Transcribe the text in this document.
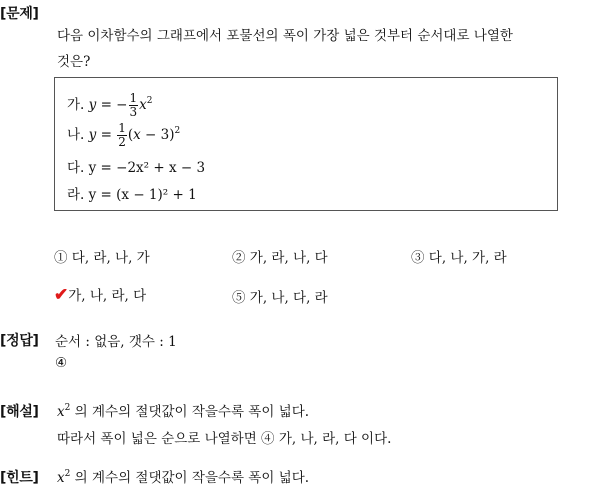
[문제]
다음 이차함수의 그래프에서 포물선의 폭이 가장 넓은 것부터 순서대로 나열한
것은?
가. y = − $\frac{1}{3} x^2$
나. $y = \frac{1}{2} (x - 3)^2$
다. y = −2x² + x − 3
라. y = (x − 1)² + 1
① 다, 라, 나, 가	② 가, 라, 나, 다	③ 다, 나, 가, 라
✔가, 나, 라, 다	⑤ 가, 나, 다, 라
[정답] 순서 : 없음, 갯수 : 1
④
[해설] $x^2$ 의 계수의 절댓값이 작을수록 폭이 넓다.
따라서 폭이 넓은 순으로 나열하면 ④ 가, 나, 라, 다 이다.
[힌트] $x^2$ 의 계수의 절댓값이 작을수록 폭이 넓다.
